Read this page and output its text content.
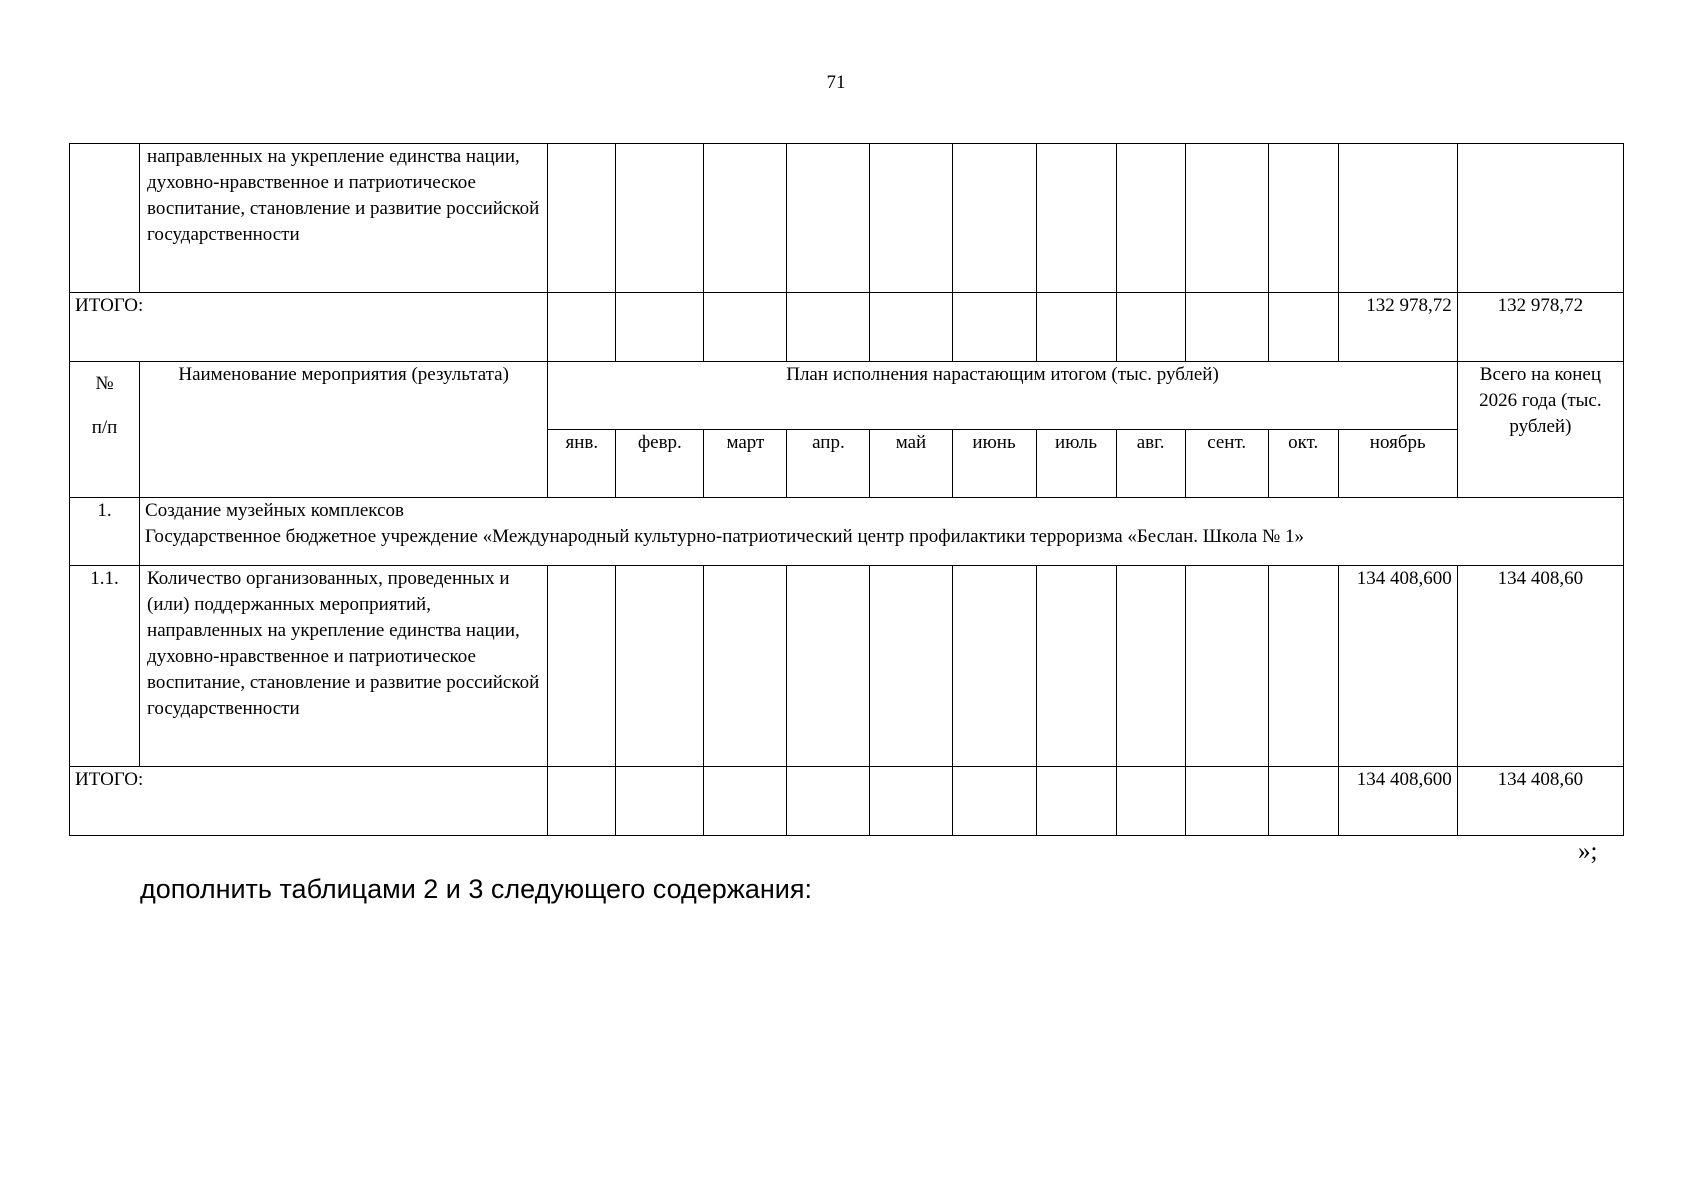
71

	направленных на укрепление единства нации, духовно-нравственное и патриотическое воспитание, становление и развитие российской государственности												

ИТОГО:												132 978,72	132 978,72

№ п/п	Наименование мероприятия (результата)	План исполнения нарастающим итогом (тыс. рублей)											Всего на конец 2026 года (тыс. рублей)
		янв.	февр.	март	апр.	май	июнь	июль	авг.	сент.	окт.	ноябрь	
1.	Создание музейных комплексов
Государственное бюджетное учреждение «Международный культурно-патриотический центр профилактики терроризма «Беслан. Школа № 1»												

1.1.	Количество организованных, проведенных и (или) поддержанных мероприятий, направленных на укрепление единства нации, духовно-нравственное и патриотическое воспитание, становление и развитие российской государственности											134 408,600	134 408,60
ИТОГО:												134 408,600	134 408,60
»;
дополнить таблицами 2 и 3 следующего содержания:
